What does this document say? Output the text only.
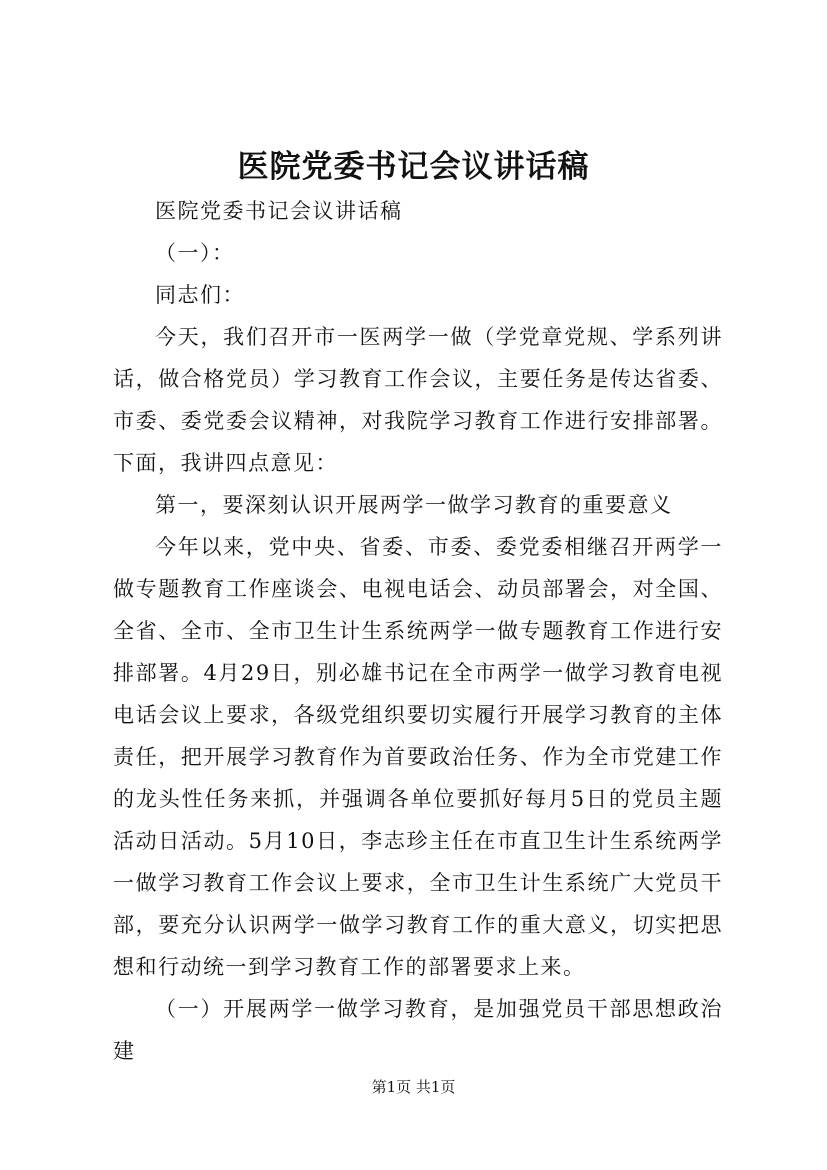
医院党委书记会议讲话稿

医院党委书记会议讲话稿

（一）：

同志们：

今天，我们召开市一医两学一做（学党章党规、学系列讲话，做合格党员）学习教育工作会议，主要任务是传达省委、市委、委党委会议精神，对我院学习教育工作进行安排部署。下面，我讲四点意见：

第一，要深刻认识开展两学一做学习教育的重要意义

今年以来，党中央、省委、市委、委党委相继召开两学一做专题教育工作座谈会、电视电话会、动员部署会，对全国、全省、全市、全市卫生计生系统两学一做专题教育工作进行安排部署。4月29日，别必雄书记在全市两学一做学习教育电视电话会议上要求，各级党组织要切实履行开展学习教育的主体责任，把开展学习教育作为首要政治任务、作为全市党建工作的龙头性任务来抓，并强调各单位要抓好每月5日的党员主题活动日活动。5月10日，李志珍主任在市直卫生计生系统两学一做学习教育工作会议上要求，全市卫生计生系统广大党员干部，要充分认识两学一做学习教育工作的重大意义，切实把思想和行动统一到学习教育工作的部署要求上来。

（一）开展两学一做学习教育，是加强党员干部思想政治建

第1页 共1页
